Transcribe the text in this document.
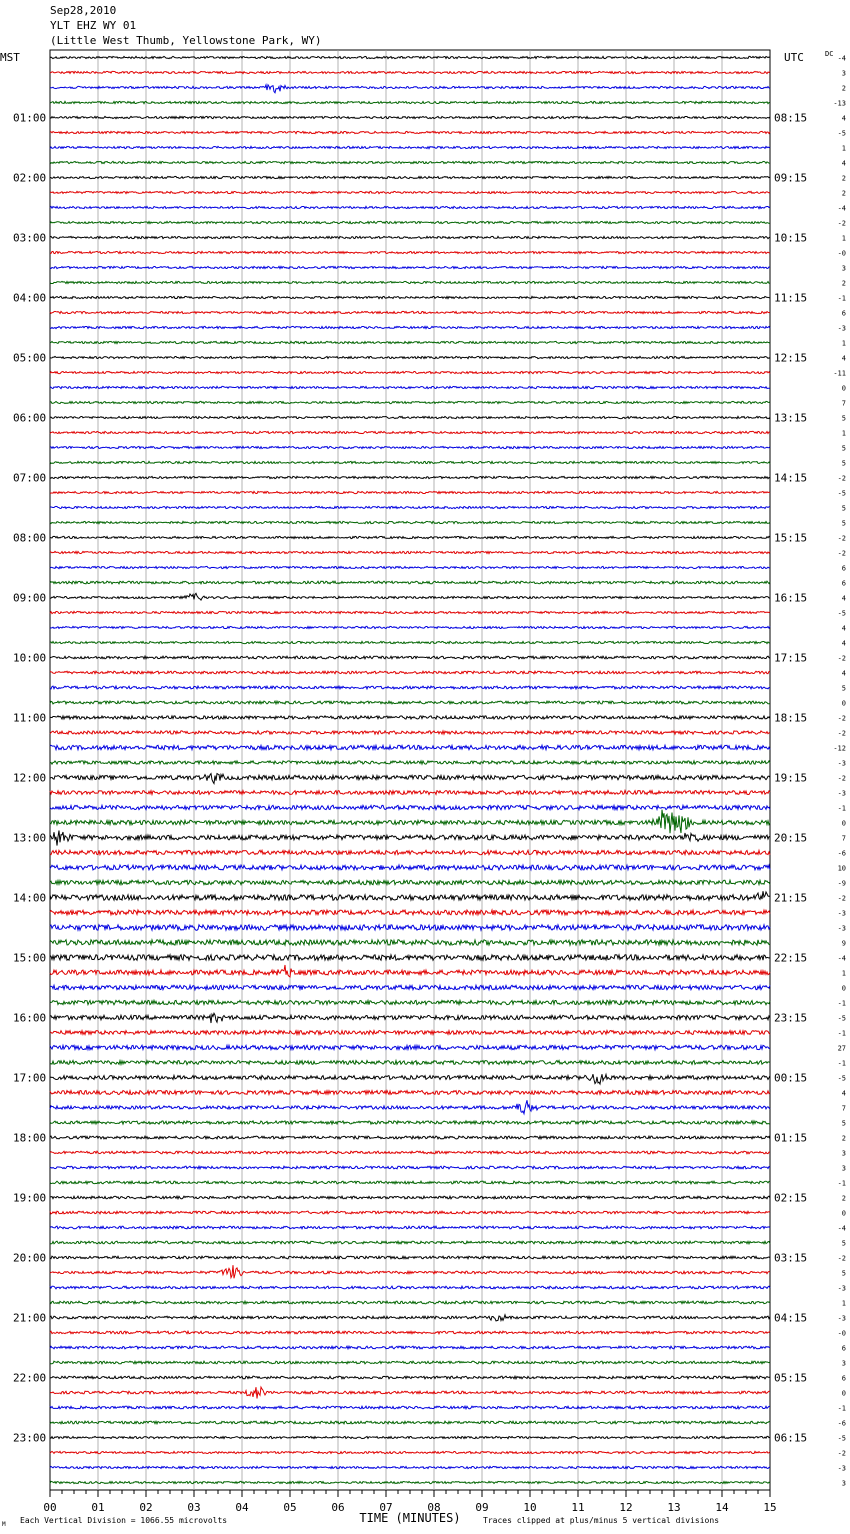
Sep28,2010
YLT EHZ WY 01
(Little West Thumb, Yellowstone Park, WY)
00	01	02	03	04	05	06	07	08	09	10	11	12	13	14	15
01:00
02:00
03:00
04:00
05:00
06:00
07:00
08:00
09:00
10:00
11:00
12:00
13:00
14:00
15:00
16:00
17:00
18:00
19:00
20:00
21:00
22:00
23:00
08:15
09:15
10:15
11:15
12:15
13:15
14:15
15:15
16:15
17:15
18:15
19:15
20:15
21:15
22:15
23:15
00:15
01:15
02:15
03:15
04:15
05:15
06:15
-4
3
2
-13
4
-5
1
4
2
2
-4
-2
1
-0
3
2
-1
6
-3
1
4
-11
0
7
5
1
5
5
-2
-5
5
5
-2
-2
6
6
4
-5
4
4
-2
4
5
0
-2
-2
-12
-3
-2
-3
-1
0
7
-6
10
-9
-2
-3
-3
9
-4
1
0
-1
-5
-1
27
-1
-5
4
7
5
2
3
3
-1
2
0
-4
5
-2
5
-3
1
-3
-0
6
3
6
0
-1
-6
-5
-2
-3
3
MST	UTC	DC
TIME (MINUTES)
Each Vertical Division = 1066.55 microvolts	Traces clipped at plus/minus 5 vertical divisions
M
